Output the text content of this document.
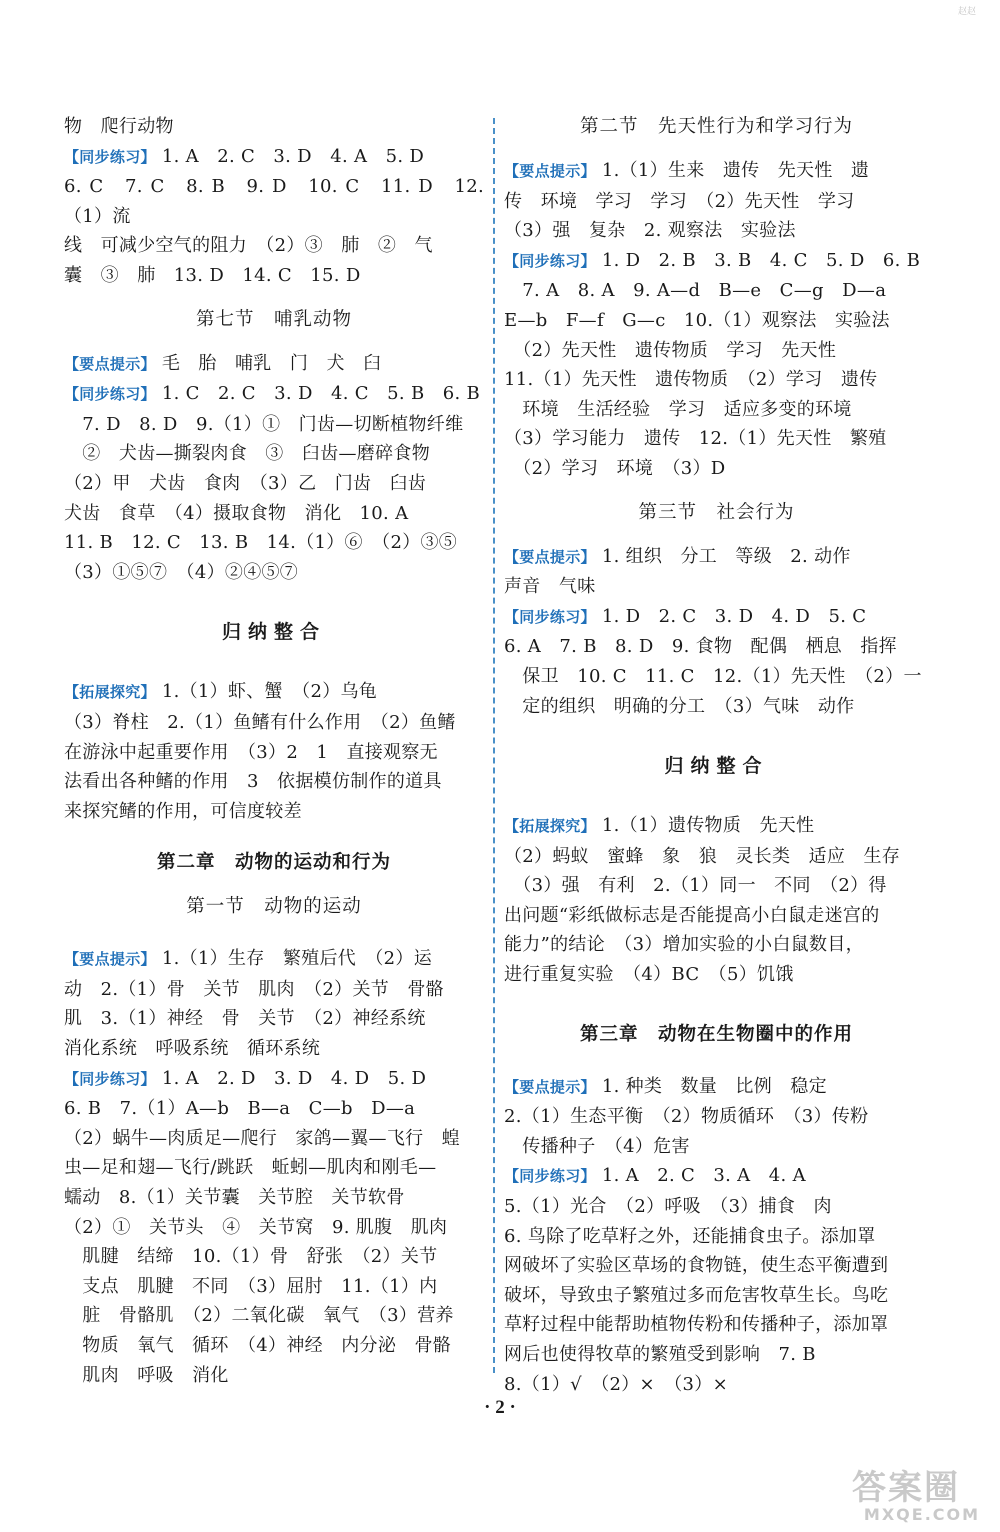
赵赵

物　爬行动物

【同步练习】 1. A　2. C　3. D　4. A　5. D

6. C　7. C　8. B　9. D　10. C　11. D　12.（1）流

线　可减少空气的阻力　（2）③　肺　②　气

囊　③　肺　13. D　14. C　15. D

第七节　哺乳动物

【要点提示】 毛　胎　哺乳　门　犬　臼

【同步练习】 1. C　2. C　3. D　4. C　5. B　6. B

　7. D　8. D　9.（1）①　门齿—切断植物纤维

　②　犬齿—撕裂肉食　③　臼齿—磨碎食物

（2）甲　犬齿　食肉　（3）乙　门齿　臼齿

犬齿　食草　（4）摄取食物　消化　10. A

11. B　12. C　13. B　14.（1）⑥　（2）③⑤

（3）①⑤⑦　（4）②④⑤⑦

归纳整合

【拓展探究】 1.（1）虾、蟹　（2）乌龟

（3）脊柱　2.（1）鱼鳍有什么作用　（2）鱼鳍

在游泳中起重要作用　（3）2　1　直接观察无

法看出各种鳍的作用　3　依据模仿制作的道具

来探究鳍的作用，可信度较差

第二章　动物的运动和行为
第一节　动物的运动

【要点提示】 1.（1）生存　繁殖后代　（2）运

动　2.（1）骨　关节　肌肉　（2）关节　骨骼

肌　3.（1）神经　骨　关节　（2）神经系统

消化系统　呼吸系统　循环系统

【同步练习】 1. A　2. D　3. D　4. D　5. D

6. B　7.（1）A—b　B—a　C—b　D—a

（2）蜗牛—肉质足—爬行　家鸽—翼—飞行　蝗

虫—足和翅—飞行/跳跃　蚯蚓—肌肉和刚毛—

蠕动　8.（1）关节囊　关节腔　关节软骨

（2）①　关节头　④　关节窝　9. 肌腹　肌肉

　肌腱　结缔　10.（1）骨　舒张　（2）关节

　支点　肌腱　不同　（3）屈肘　11.（1）内

　脏　骨骼肌　（2）二氧化碳　氧气　（3）营养

　物质　氧气　循环　（4）神经　内分泌　骨骼

　肌肉　呼吸　消化

第二节　先天性行为和学习行为

【要点提示】 1.（1）生来　遗传　先天性　遗

传　环境　学习　学习　（2）先天性　学习

（3）强　复杂　2. 观察法　实验法

【同步练习】 1. D　2. B　3. B　4. C　5. D　6. B

　7. A　8. A　9. A—d　B—e　C—g　D—a

E—b　F—f　G—c　10.（1）观察法　实验法

　（2）先天性　遗传物质　学习　先天性

11.（1）先天性　遗传物质　（2）学习　遗传

　环境　生活经验　学习　适应多变的环境

（3）学习能力　遗传　12.（1）先天性　繁殖

　（2）学习　环境　（3）D

第三节　社会行为

【要点提示】 1. 组织　分工　等级　2. 动作

声音　气味

【同步练习】 1. D　2. C　3. D　4. D　5. C

6. A　7. B　8. D　9. 食物　配偶　栖息　指挥

　保卫　10. C　11. C　12.（1）先天性　（2）一

　定的组织　明确的分工　（3）气味　动作

归纳整合

【拓展探究】 1.（1）遗传物质　先天性

（2）蚂蚁　蜜蜂　象　狼　灵长类　适应　生存

　（3）强　有利　2.（1）同一　不同　（2）得

出问题“彩纸做标志是否能提高小白鼠走迷宫的

能力”的结论　（3）增加实验的小白鼠数目，

进行重复实验　（4）BC　（5）饥饿

第三章　动物在生物圈中的作用

【要点提示】 1. 种类　数量　比例　稳定

2.（1）生态平衡　（2）物质循环　（3）传粉

　传播种子　（4）危害

【同步练习】 1. A　2. C　3. A　4. A

5.（1）光合　（2）呼吸　（3）捕食　肉

6. 鸟除了吃草籽之外，还能捕食虫子。添加罩

网破坏了实验区草场的食物链，使生态平衡遭到

破坏，导致虫子繁殖过多而危害牧草生长。鸟吃

草籽过程中能帮助植物传粉和传播种子，添加罩

网后也使得牧草的繁殖受到影响　7. B

8.（1）√　（2）×　（3）×

· 2 ·
答案圈
MXQE.COM
